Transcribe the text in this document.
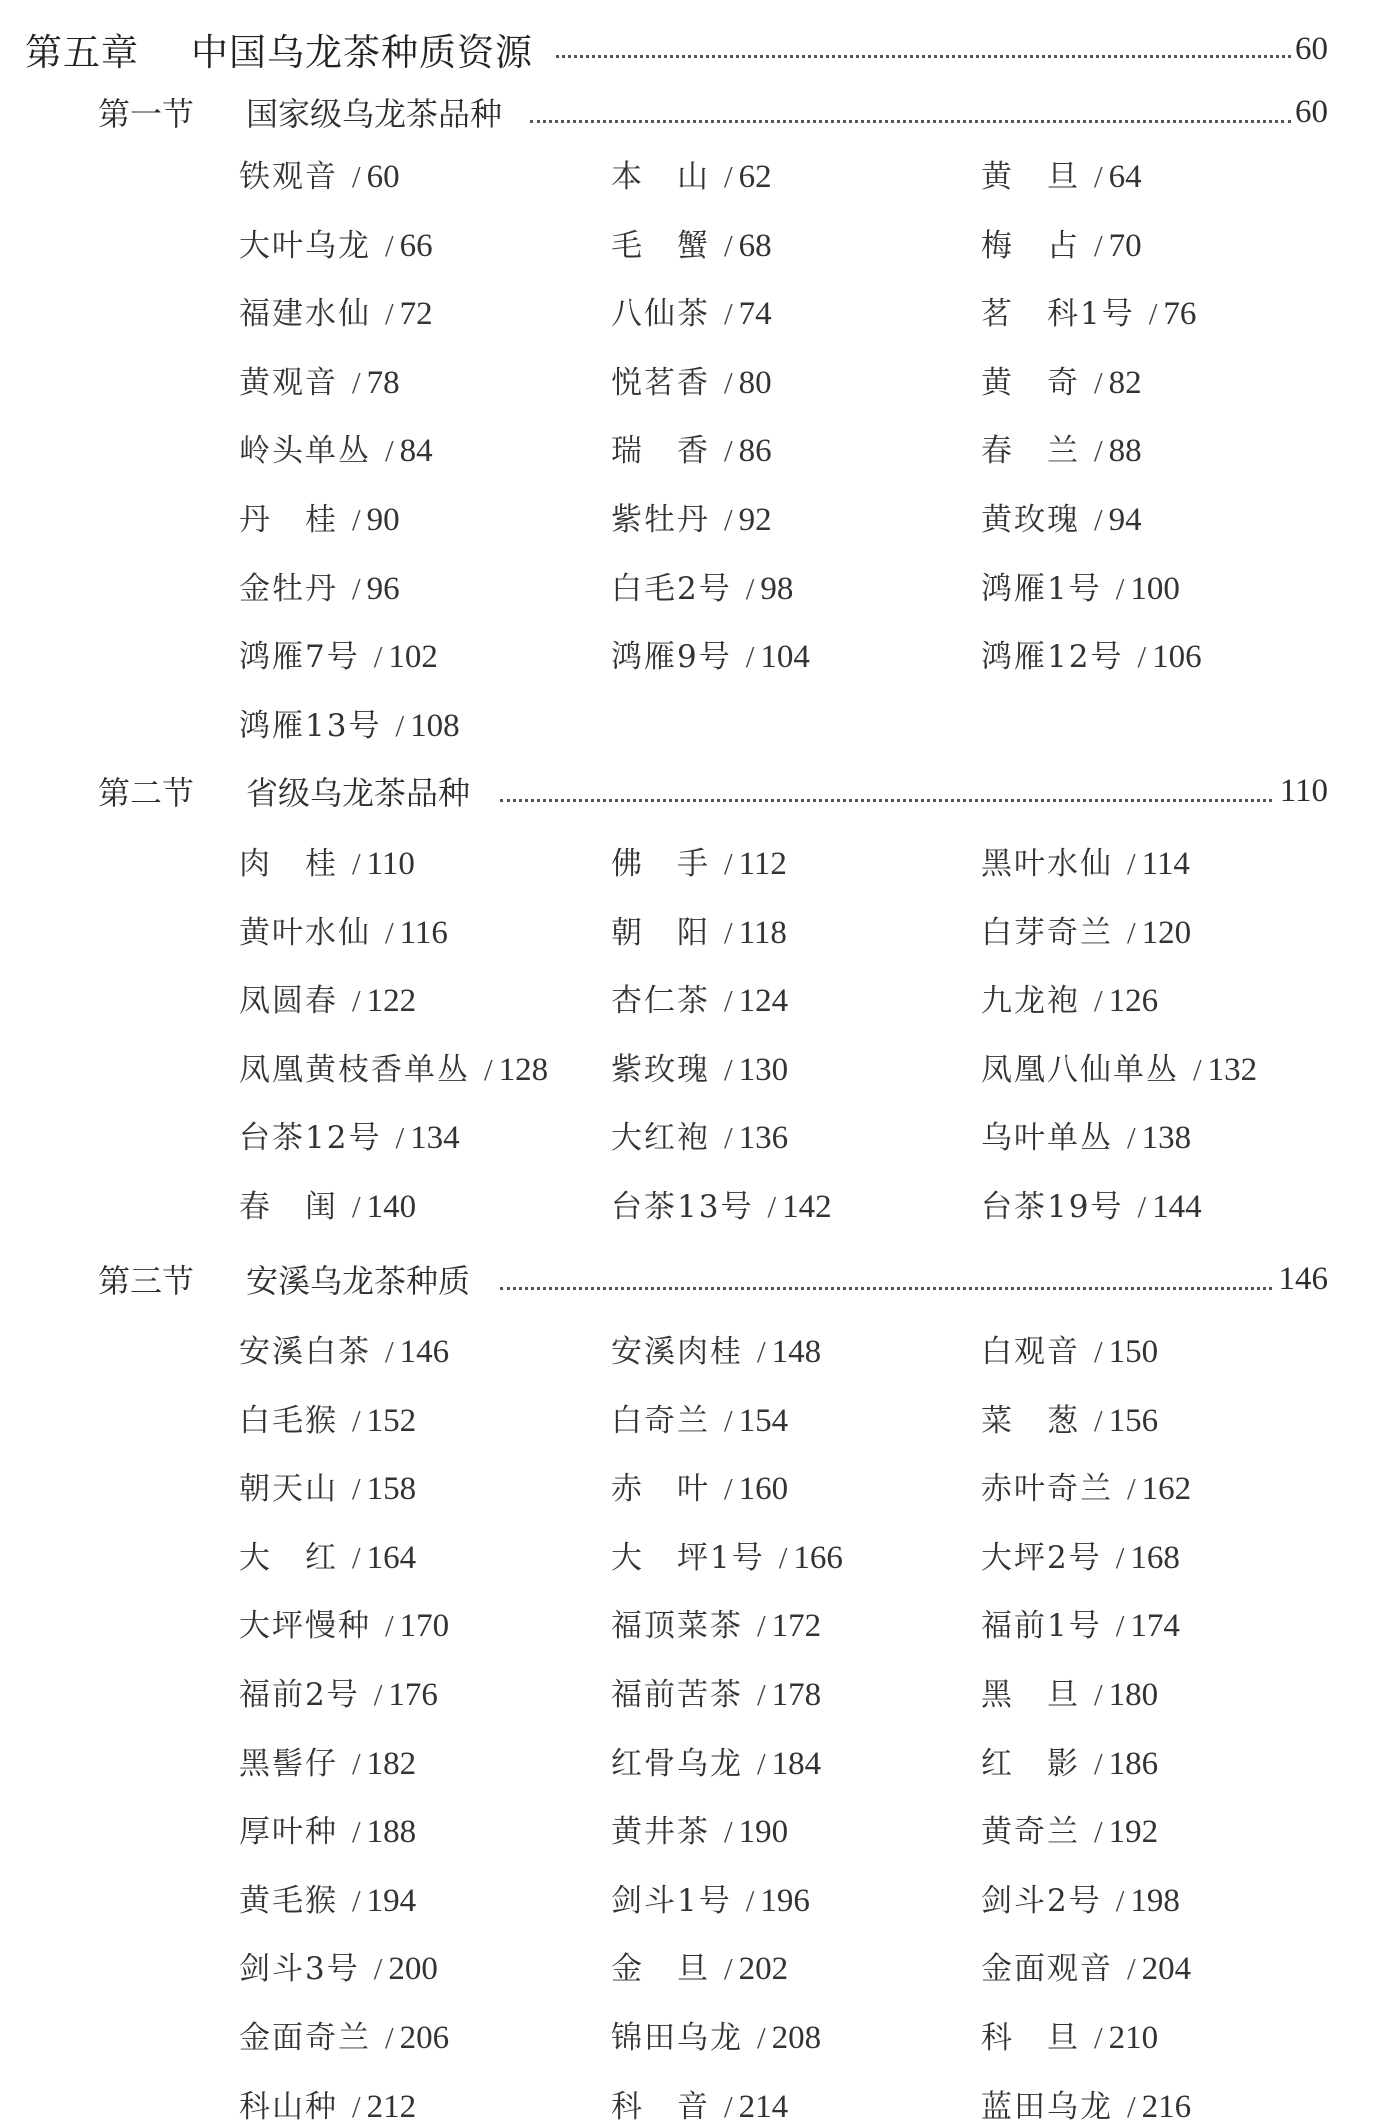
第五章 中国乌龙茶种质资源	60
第一节 国家级乌龙茶品种	60
铁观音 / 60	本　山 / 62	黄　旦 / 64
大叶乌龙 / 66	毛　蟹 / 68	梅　占 / 70
福建水仙 / 72	八仙茶 / 74	茗　科1号 / 76
黄观音 / 78	悦茗香 / 80	黄　奇 / 82
岭头单丛 / 84	瑞　香 / 86	春　兰 / 88
丹　桂 / 90	紫牡丹 / 92	黄玫瑰 / 94
金牡丹 / 96	白毛2号 / 98	鸿雁1号 / 100
鸿雁7号 / 102	鸿雁9号 / 104	鸿雁12号 / 106
鸿雁13号 / 108
第二节 省级乌龙茶品种	110
肉　桂 / 110	佛　手 / 112	黑叶水仙 / 114
黄叶水仙 / 116	朝　阳 / 118	白芽奇兰 / 120
凤圆春 / 122	杏仁茶 / 124	九龙袍 / 126
凤凰黄枝香单丛 / 128 紫玫瑰 / 130	凤凰八仙单丛 / 132
台茶12号 / 134	大红袍 / 136	乌叶单丛 / 138
春　闺 / 140	台茶13号 / 142	台茶19号 / 144
第三节 安溪乌龙茶种质	146
安溪白茶 / 146	安溪肉桂 / 148	白观音 / 150
白毛猴 / 152	白奇兰 / 154	菜　葱 / 156
朝天山 / 158	赤　叶 / 160	赤叶奇兰 / 162
大　红 / 164	大　坪1号 / 166	大坪2号 / 168
大坪慢种 / 170	福顶菜茶 / 172	福前1号 / 174
福前2号 / 176	福前苦茶 / 178	黑　旦 / 180
黑髻仔 / 182	红骨乌龙 / 184	红　影 / 186
厚叶种 / 188	黄井茶 / 190	黄奇兰 / 192
黄毛猴 / 194	剑斗1号 / 196	剑斗2号 / 198
剑斗3号 / 200	金　旦 / 202	金面观音 / 204
金面奇兰 / 206	锦田乌龙 / 208	科　旦 / 210
科山种 / 212	科　音 / 214	蓝田乌龙 / 216
